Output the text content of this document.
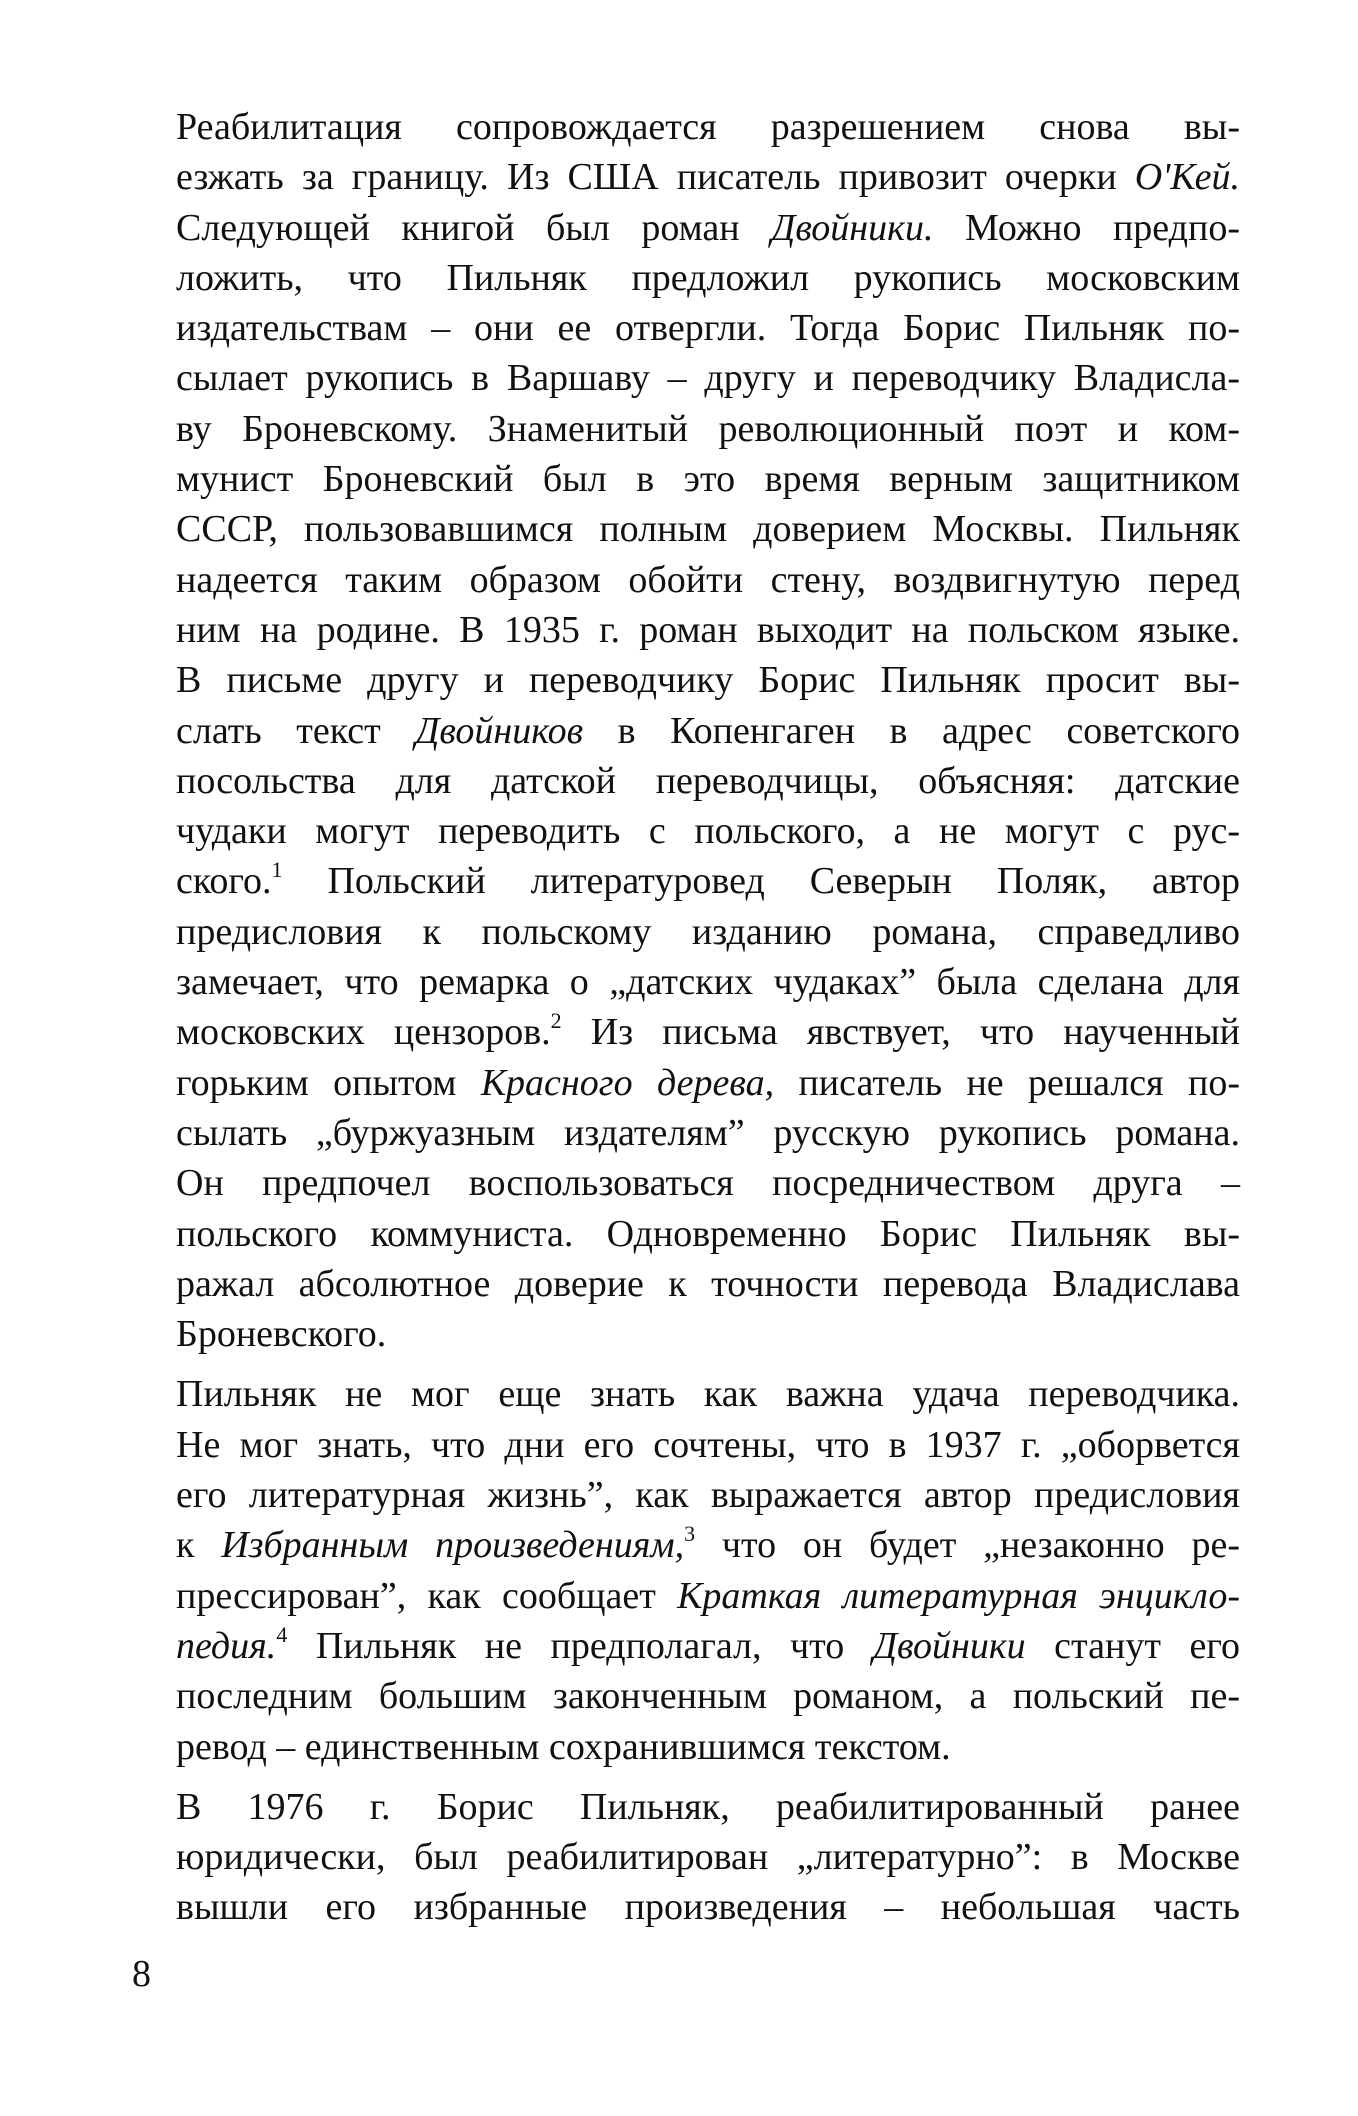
Реабилитация сопровождается разрешением снова вы-
езжать за границу. Из США писатель привозит очерки О'Кей.
Следующей книгой был роман Двойники. Можно предпо-
ложить, что Пильняк предложил рукопись московским
издательствам – они ее отвергли. Тогда Борис Пильняк по-
сылает рукопись в Варшаву – другу и переводчику Владисла-
ву Броневскому. Знаменитый революционный поэт и ком-
мунист Броневский был в это время верным защитником
СССР, пользовавшимся полным доверием Москвы. Пильняк
надеется таким образом обойти стену, воздвигнутую перед
ним на родине. В 1935 г. роман выходит на польском языке.
В письме другу и переводчику Борис Пильняк просит вы-
слать текст Двойников в Копенгаген в адрес советского
посольства для датской переводчицы, объясняя: датские
чудаки могут переводить с польского, а не могут с рус-
ского.$^1$ Польский литературовед Северын Поляк, автор
предисловия к польскому изданию романа, справедливо
замечает, что ремарка о „датских чудаках” была сделана для
московских цензоров.$^2$ Из письма явствует, что наученный
горьким опытом Красного дерева, писатель не решался по-
сылать „буржуазным издателям” русскую рукопись романа.
Он предпочел воспользоваться посредничеством друга –
польского коммуниста. Одновременно Борис Пильняк вы-
ражал абсолютное доверие к точности перевода Владислава
Броневского.

Пильняк не мог еще знать как важна удача переводчика.
Не мог знать, что дни его сочтены, что в 1937 г. „оборвется
его литературная жизнь”, как выражается автор предисловия
к Избранным произведениям,$^3$ что он будет „незаконно ре-
прессирован”, как сообщает Краткая литературная энцикло-
педия.$^4$ Пильняк не предполагал, что Двойники станут его
последним большим законченным романом, а польский пе-
ревод – единственным сохранившимся текстом.

В 1976 г. Борис Пильняк, реабилитированный ранее
юридически, был реабилитирован „литературно”: в Москве
вышли его избранные произведения – небольшая часть

8
